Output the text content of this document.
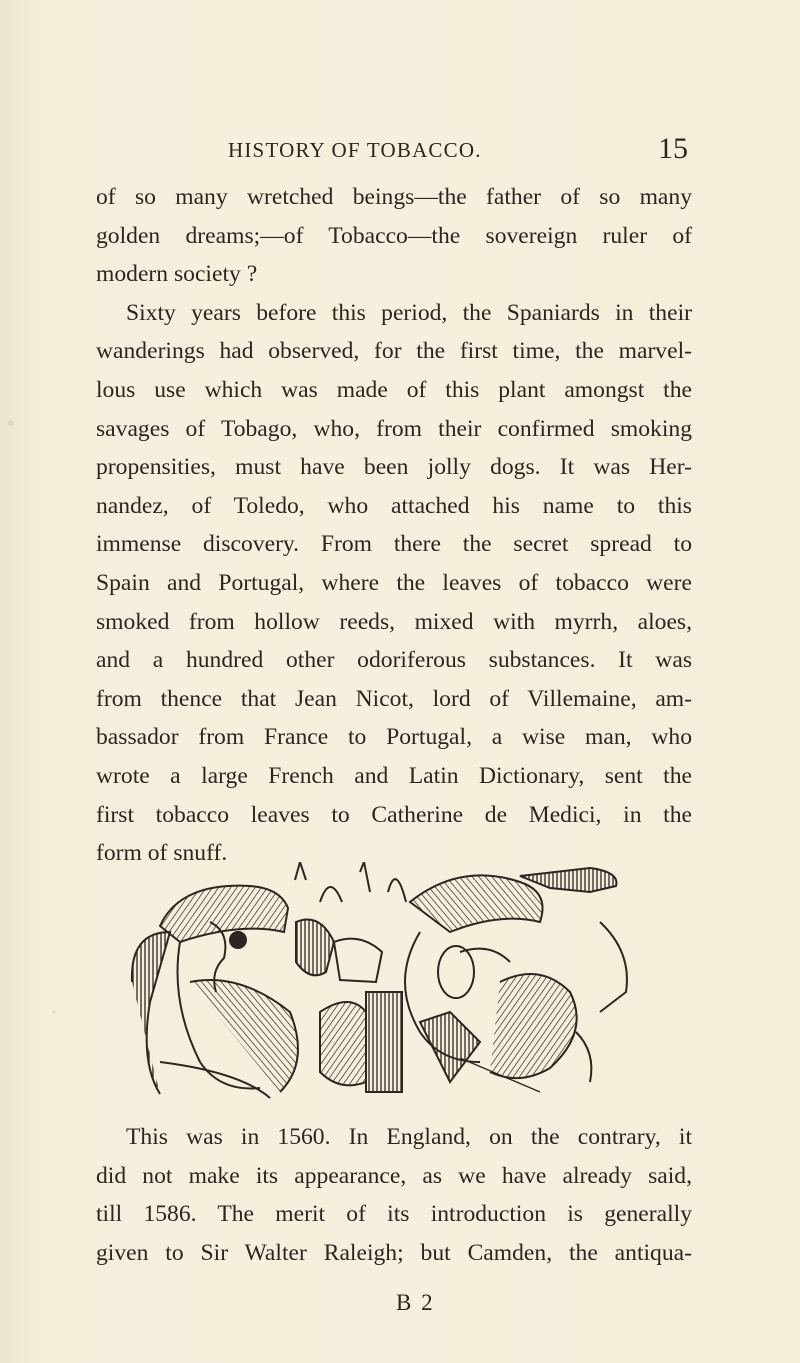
HISTORY OF TOBACCO.	15

of so many wretched beings—the father of so many

golden dreams;—of Tobacco—the sovereign ruler of

modern society ?

Sixty years before this period, the Spaniards in their

wanderings had observed, for the first time, the marvel-

lous use which was made of this plant amongst the

savages of Tobago, who, from their confirmed smoking

propensities, must have been jolly dogs. It was Her-

nandez, of Toledo, who attached his name to this

immense discovery. From there the secret spread to

Spain and Portugal, where the leaves of tobacco were

smoked from hollow reeds, mixed with myrrh, aloes,

and a hundred other odoriferous substances. It was

from thence that Jean Nicot, lord of Villemaine, am-

bassador from France to Portugal, a wise man, who

wrote a large French and Latin Dictionary, sent the

first tobacco leaves to Catherine de Medici, in the

form of snuff.

This was in 1560. In England, on the contrary, it

did not make its appearance, as we have already said,

till 1586. The merit of its introduction is generally

given to Sir Walter Raleigh; but Camden, the antiqua-

B 2
